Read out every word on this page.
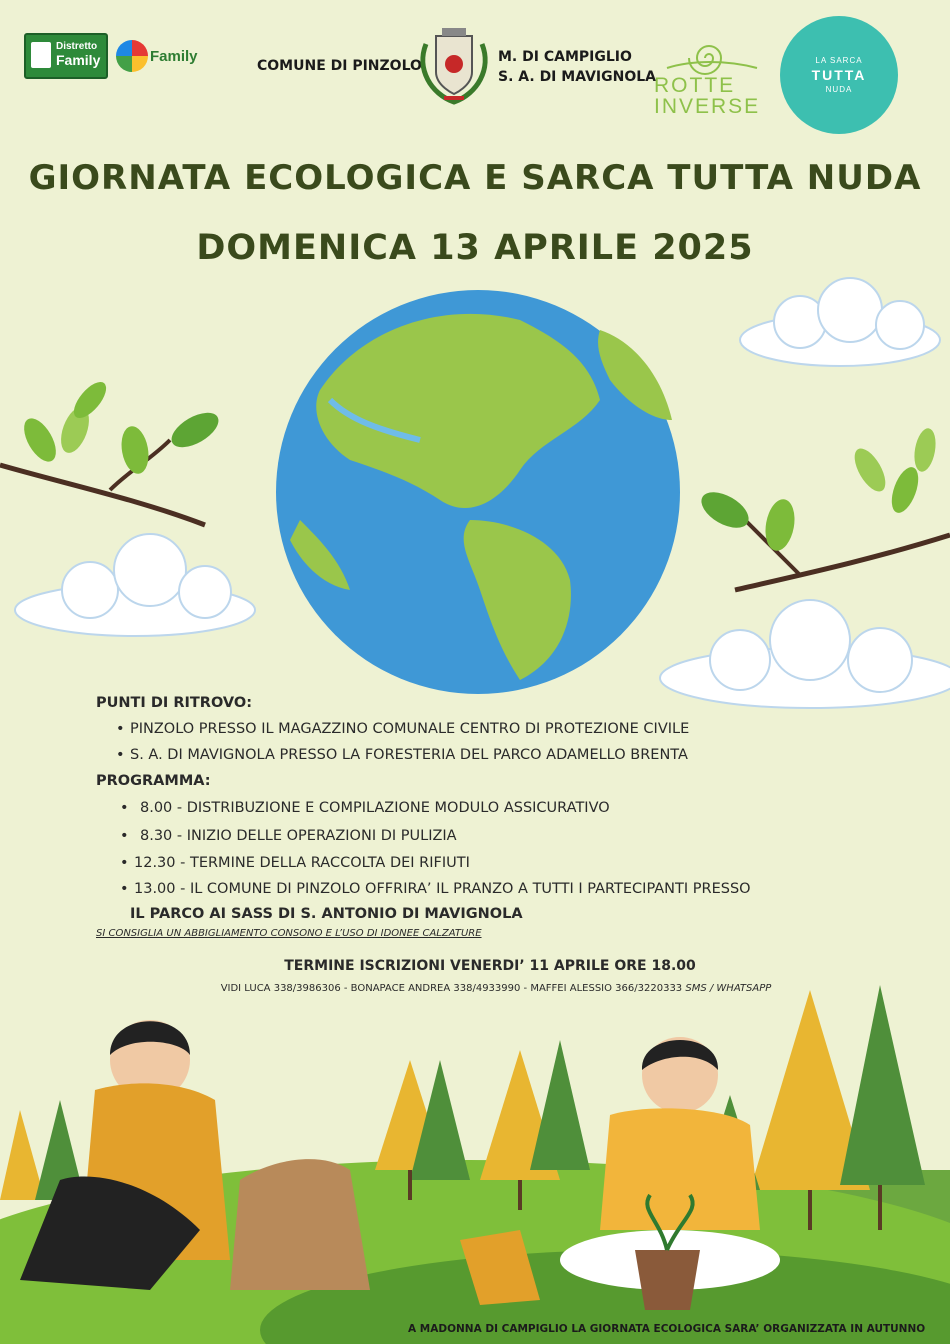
Distretto
Family	Family
COMUNE DI PINZOLO
M. DI CAMPIGLIO
S. A. DI MAVIGNOLA
ROTTE
INVERSE
LA SARCA
TUTTA
NUDA
GIORNATA ECOLOGICA E SARCA TUTTA NUDA
DOMENICA 13 APRILE 2025
PUNTI DI RITROVO:
• PINZOLO PRESSO IL MAGAZZINO COMUNALE CENTRO DI PROTEZIONE CIVILE
• S. A. DI MAVIGNOLA PRESSO LA FORESTERIA DEL PARCO ADAMELLO BRENTA
PROGRAMMA:
• 8.00 - DISTRIBUZIONE E COMPILAZIONE MODULO ASSICURATIVO
• 8.30 - INIZIO DELLE OPERAZIONI DI PULIZIA
• 12.30 - TERMINE DELLA RACCOLTA DEI RIFIUTI
• 13.00 - IL COMUNE DI PINZOLO OFFRIRA’ IL PRANZO A TUTTI I PARTECIPANTI PRESSO
IL PARCO AI SASS DI S. ANTONIO DI MAVIGNOLA
SI CONSIGLIA UN ABBIGLIAMENTO CONSONO E L’USO DI IDONEE CALZATURE
TERMINE ISCRIZIONI VENERDI’ 11 APRILE ORE 18.00
VIDI LUCA 338/3986306 - BONAPACE ANDREA 338/4933990 - MAFFEI ALESSIO 366/3220333 SMS / WHATSAPP
A MADONNA DI CAMPIGLIO LA GIORNATA ECOLOGICA SARA’ ORGANIZZATA IN AUTUNNO
